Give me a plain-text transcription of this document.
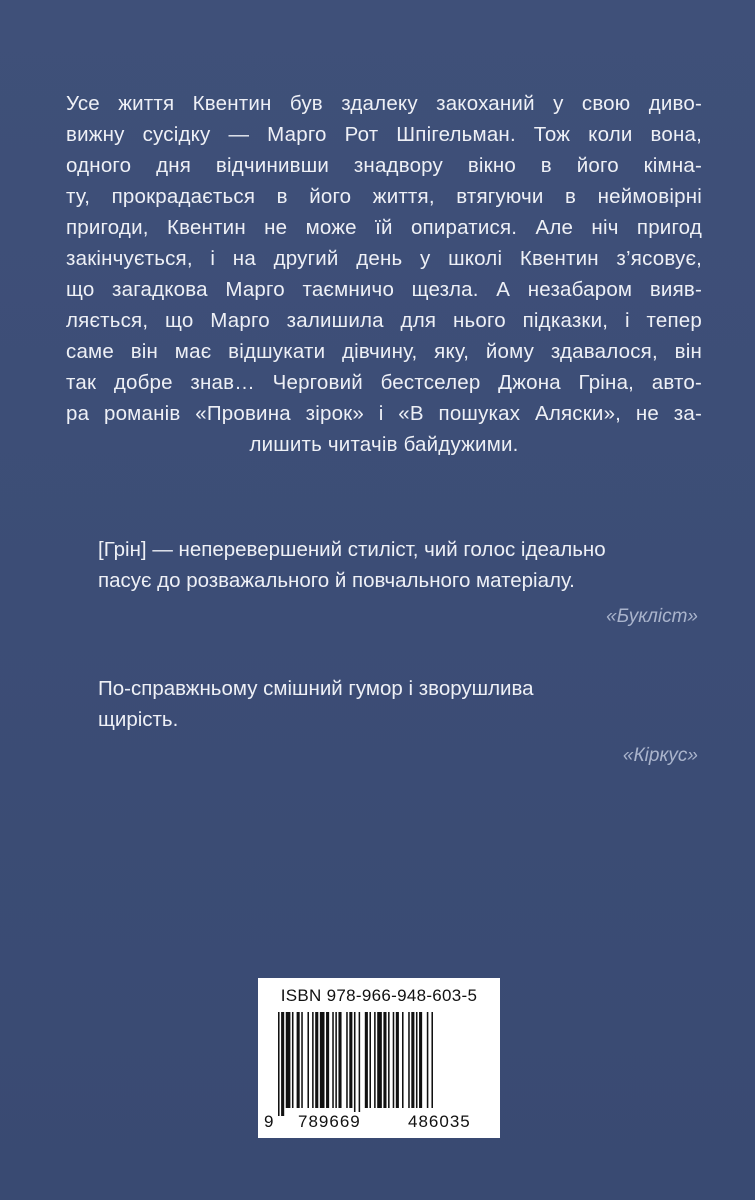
Усе життя Квентин був здалеку закоханий у свою диво-
вижну сусідку — Марго Рот Шпігельман. Тож коли вона,
одного дня відчинивши знадвору вікно в його кімна-
ту, прокрадається в його життя, втягуючи в неймовірні
пригоди, Квентин не може їй опиратися. Але ніч пригод
закінчується, і на другий день у школі Квентин з’ясовує,
що загадкова Марго таємничо щезла. А незабаром вияв-
ляється, що Марго залишила для нього підказки, і тепер
саме він має відшукати дівчину, яку, йому здавалося, він
так добре знав… Черговий бестселер Джона Гріна, авто-
ра романів «Провина зірок» і «В пошуках Аляски», не за-
лишить читачів байдужими.
[Грін] — неперевершений стиліст, чий голос ідеально
пасує до розважального й повчального матеріалу.
«Букліст»
По-справжньому смішний гумор і зворушлива
щирість.
«Кіркус»
ISBN 978-966-948-603-5
9 789669	486035
